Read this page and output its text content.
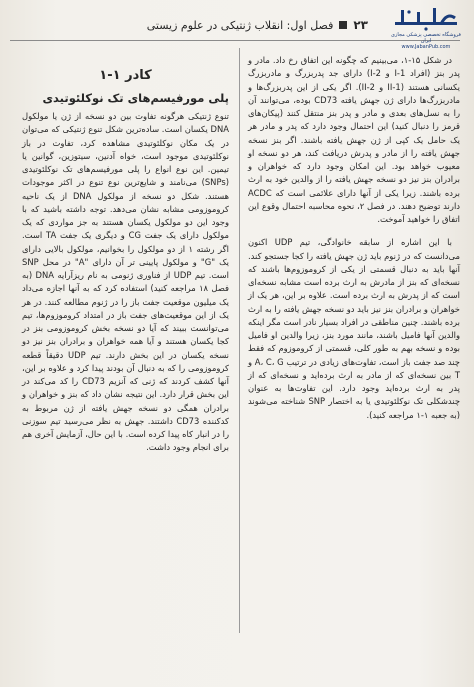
۲۳
فصل اول: انقلاب ژنتیکی در علوم زیستی
فروشگاه تخصصی پزشکی مجازی ایران
www.JabanPub.com

در شکل ۱۵-۱، می‌بینیم که چگونه این اتفاق رخ داد. مادر و پدر بنز (افراد I-1 و I-2) دارای جد پدربزرگ و مادربزرگ یکسانی هستند (II-1 و II-2). اگر یکی از این پدربزرگ‌ها و مادربزرگ‌ها دارای ژن جهش یافته CD73 بوده، می‌توانند آن را به نسل‌های بعدی و مادر و پدر بنز منتقل کنند (پیکان‌های قرمز را دنبال کنید) این احتمال وجود دارد که پدر و مادر هر یک حامل یک کپی از ژن جهش یافته باشند. اگر بنز نسخه جهش یافته را از مادر و پدرش دریافت کند، هر دو نسخه او معیوب خواهد بود. این امکان وجود دارد که خواهران و برادران بنز نیز دو نسخه جهش یافته را از والدین خود به ارث برده باشند. زیرا یکی از آنها دارای علائمی است که ACDC دارند توضیح دهند. در فصل ۲، نحوه محاسبه احتمال وقوع این اتفاق را خواهید آموخت.

با این اشاره از سابقه خانوادگی، تیم UDP اکنون می‌دانست که در ژنوم باید ژن جهش یافته را کجا جستجو کند. آنها باید به دنبال قسمتی از یکی از کروموزوم‌ها باشند که نسخه‌ای که بنز از مادرش به ارث برده است مشابه نسخه‌ای است که از پدرش به ارث برده است. علاوه بر این، هر یک از خواهران و برادران بنز نیز باید دو نسخه جهش یافته را به ارث برده باشند. چنین مناطقی در افراد بسیار نادر است مگر اینکه والدین آنها فامیل باشند، مانند مورد بنز، زیرا والدین او فامیل بوده و نسخه بهم به طور کلی، قسمتی از کروموزوم که فقط چند صد جفت باز است، تفاوت‌های زیادی در ترتیب A، C، G و T بین نسخه‌ای که از مادر به ارث برده‌اید و نسخه‌ای که از پدر به ارث برده‌اید وجود دارد. این تفاوت‌ها به عنوان چندشکلی تک نوکلئوتیدی یا به اختصار SNP شناخته می‌شوند (به جعبه ۱-۱ مراجعه کنید).

کادر ۱-۱
پلی مورفیسم‌های تک نوکلئوتیدی

تنوع ژنتیکی هرگونه تفاوت بین دو نسخه از ژن یا مولکول DNA یکسان است. ساده‌ترین شکل تنوع ژنتیکی که می‌توان در یک مکان نوکلئوتیدی مشاهده کرد، تفاوت در باز نوکلئوتیدی موجود است، خواه آدنین، سیتوزین، گوانین یا تیمین. این نوع انواع را پلی مورفیسم‌های تک نوکلئوتیدی (SNPs) می‌نامند و شایع‌ترین نوع تنوع در اکثر موجودات هستند. شکل دو نسخه از مولکول DNA از یک ناحیه کروموزومی مشابه نشان می‌دهد. توجه داشته باشید که با وجود این دو مولکول یکسان هستند به جز مواردی که یک مولکول دارای یک جفت CG و دیگری یک جفت TA است. اگر رشته ۱ از دو مولکول را بخوانیم، مولکول بالایی دارای یک "G" و مولکول پایینی تر آن دارای "A" در محل SNP است. تیم UDP از فناوری ژنومی به نام ریزآرایه DNA (به فصل ۱۸ مراجعه کنید) استفاده کرد که به آنها اجازه می‌داد یک میلیون موقعیت جفت باز را در ژنوم مطالعه کنند. در هر یک از این موقعیت‌های جفت باز در امتداد کروموزوم‌ها، تیم می‌توانست ببیند که آیا دو نسخه بخش کروموزومی بنز در کجا یکسان هستند و آیا همه خواهران و برادران بنز نیز دو نسخه یکسان در این بخش دارند. تیم UDP دقیقاً قطعه کروموزومی را که به دنبال آن بودند پیدا کرد و علاوه بر این، آنها کشف کردند که ژنی که آنزیم CD73 را کد می‌کند در این بخش قرار دارد. این نتیجه نشان داد که بنز و خواهران و برادران همگی دو نسخه جهش یافته از ژن مربوط به کدکننده CD73 داشتند. جهش به نظر می‌رسید تیم سوزنی را در انبار کاه پیدا کرده است. با این حال، آزمایش آخری هم برای انجام وجود داشت.
